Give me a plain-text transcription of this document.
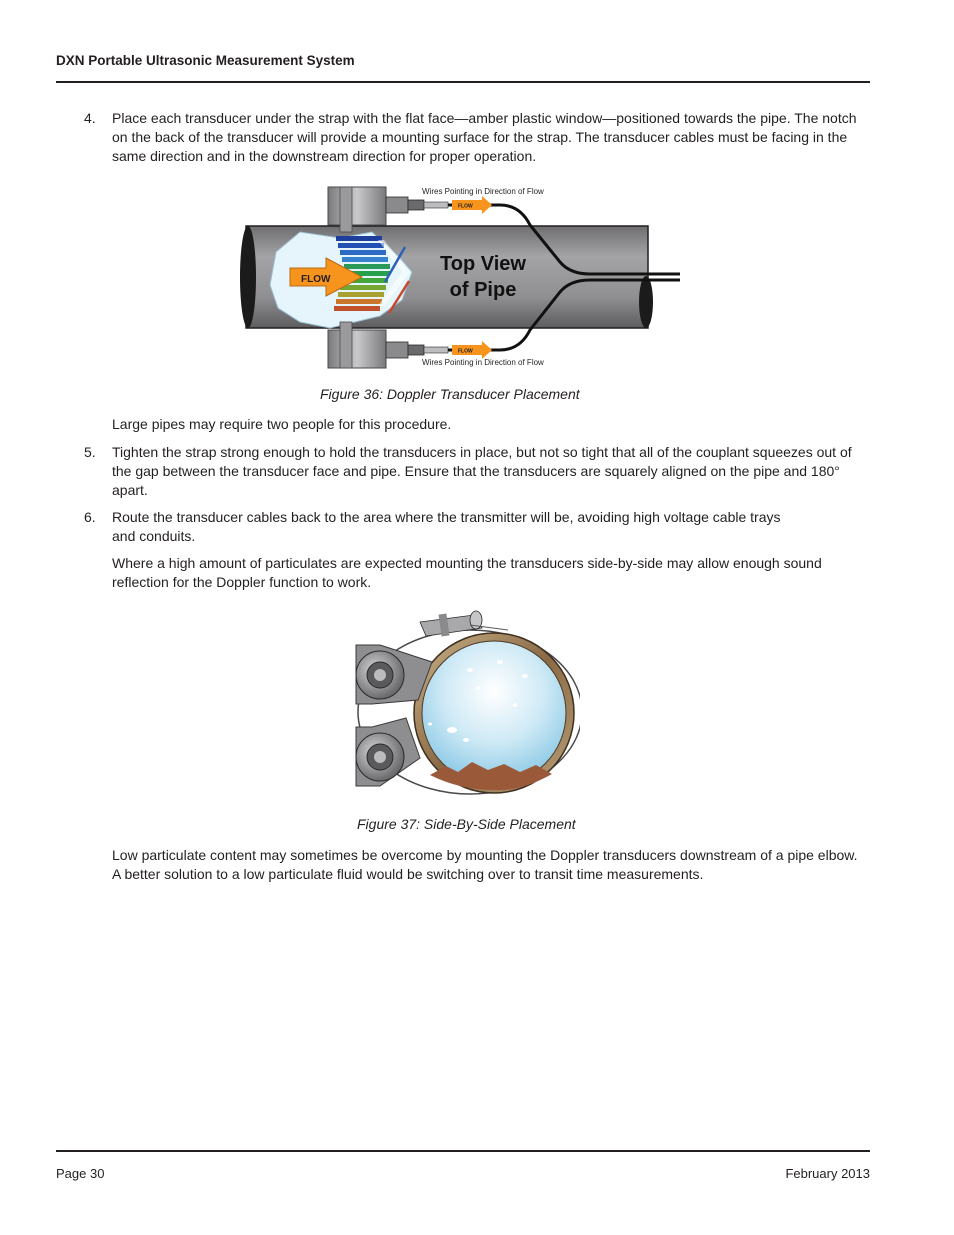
DXN Portable Ultrasonic Measurement System
4. Place each transducer under the strap with the flat face—amber plastic window—positioned towards the pipe. The notch on the back of the transducer will provide a mounting surface for the strap. The transducer cables must be facing in the same direction and in the downstream direction for proper operation.

FLOW
FLOW
FLOW
Wires Pointing in Direction of Flow
Wires Pointing in Direction of Flow
Top View
of Pipe
Figure 36: Doppler Transducer Placement

Large pipes may require two people for this procedure.

5. Tighten the strap strong enough to hold the transducers in place, but not so tight that all of the couplant squeezes out of the gap between the transducer face and pipe. Ensure that the transducers are squarely aligned on the pipe and 180° apart.

6. Route the transducer cables back to the area where the transmitter will be, avoiding high voltage cable trays

and conduits.

Where a high amount of particulates are expected mounting the transducers side-by-side may allow enough sound reflection for the Doppler function to work.

Figure 37: Side-By-Side Placement

Low particulate content may sometimes be overcome by mounting the Doppler transducers downstream of a pipe elbow. A better solution to a low particulate fluid would be switching over to transit time measurements.

Page 30	February 2013
